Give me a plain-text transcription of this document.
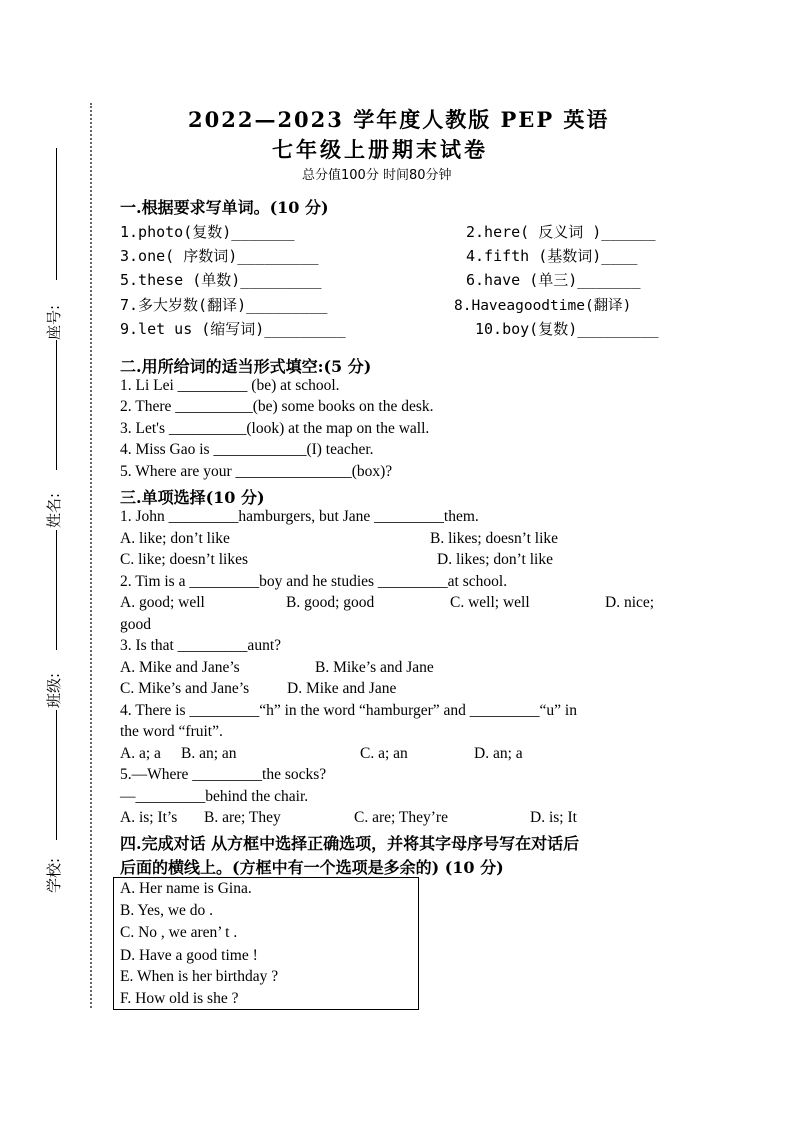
座号:
姓名:
班级:
学校:
2022—2023 学年度人教版 PEP 英语
七年级上册期末试卷
总分值100分 时间80分钟
一.根据要求写单词。(10 分)
1.photo(复数)_______	2.here( 反义词 )______
3.one( 序数词)_________	4.fifth (基数词)____
5.these (单数)_________	6.have (单三)_______
7.多大岁数(翻译)_________	8.Haveagoodtime(翻译)
9.let us (缩写词)_________	10.boy(复数)_________
二.用所给词的适当形式填空:(5 分)
1. Li Lei _________ (be) at school.
2. There __________(be) some books on the desk.
3. Let's __________(look) at the map on the wall.
4. Miss Gao is ____________(I) teacher.
5. Where are your _______________(box)?
三.单项选择(10 分)
1. John _________hamburgers, but Jane _________them.
A. like; don’t like	B. likes; doesn’t like
C. like; doesn’t likes	D. likes; don’t like
2. Tim is a _________boy and he studies _________at school.
A. good; well	B. good; good	C. well; well	D. nice;
good
3. Is that _________aunt?
A. Mike and Jane’s	B. Mike’s and Jane
C. Mike’s and Jane’s D. Mike and Jane
4. There is _________“h” in the word “hamburger” and _________“u” in
the word “fruit”.
A. a; a B. an; an	C. a; an	D. an; a
5.—Where _________the socks?
—_________behind the chair.
A. is; It’s B. are; They	C. are; They’re	D. is; It
四.完成对话 从方框中选择正确选项，并将其字母序号写在对话后
后面的横线上。(方框中有一个选项是多余的) (10 分)
A. Her name is Gina.
B. Yes, we do .
C. No , we aren’ t .
D. Have a good time !
E. When is her birthday ?
F. How old is she ?
